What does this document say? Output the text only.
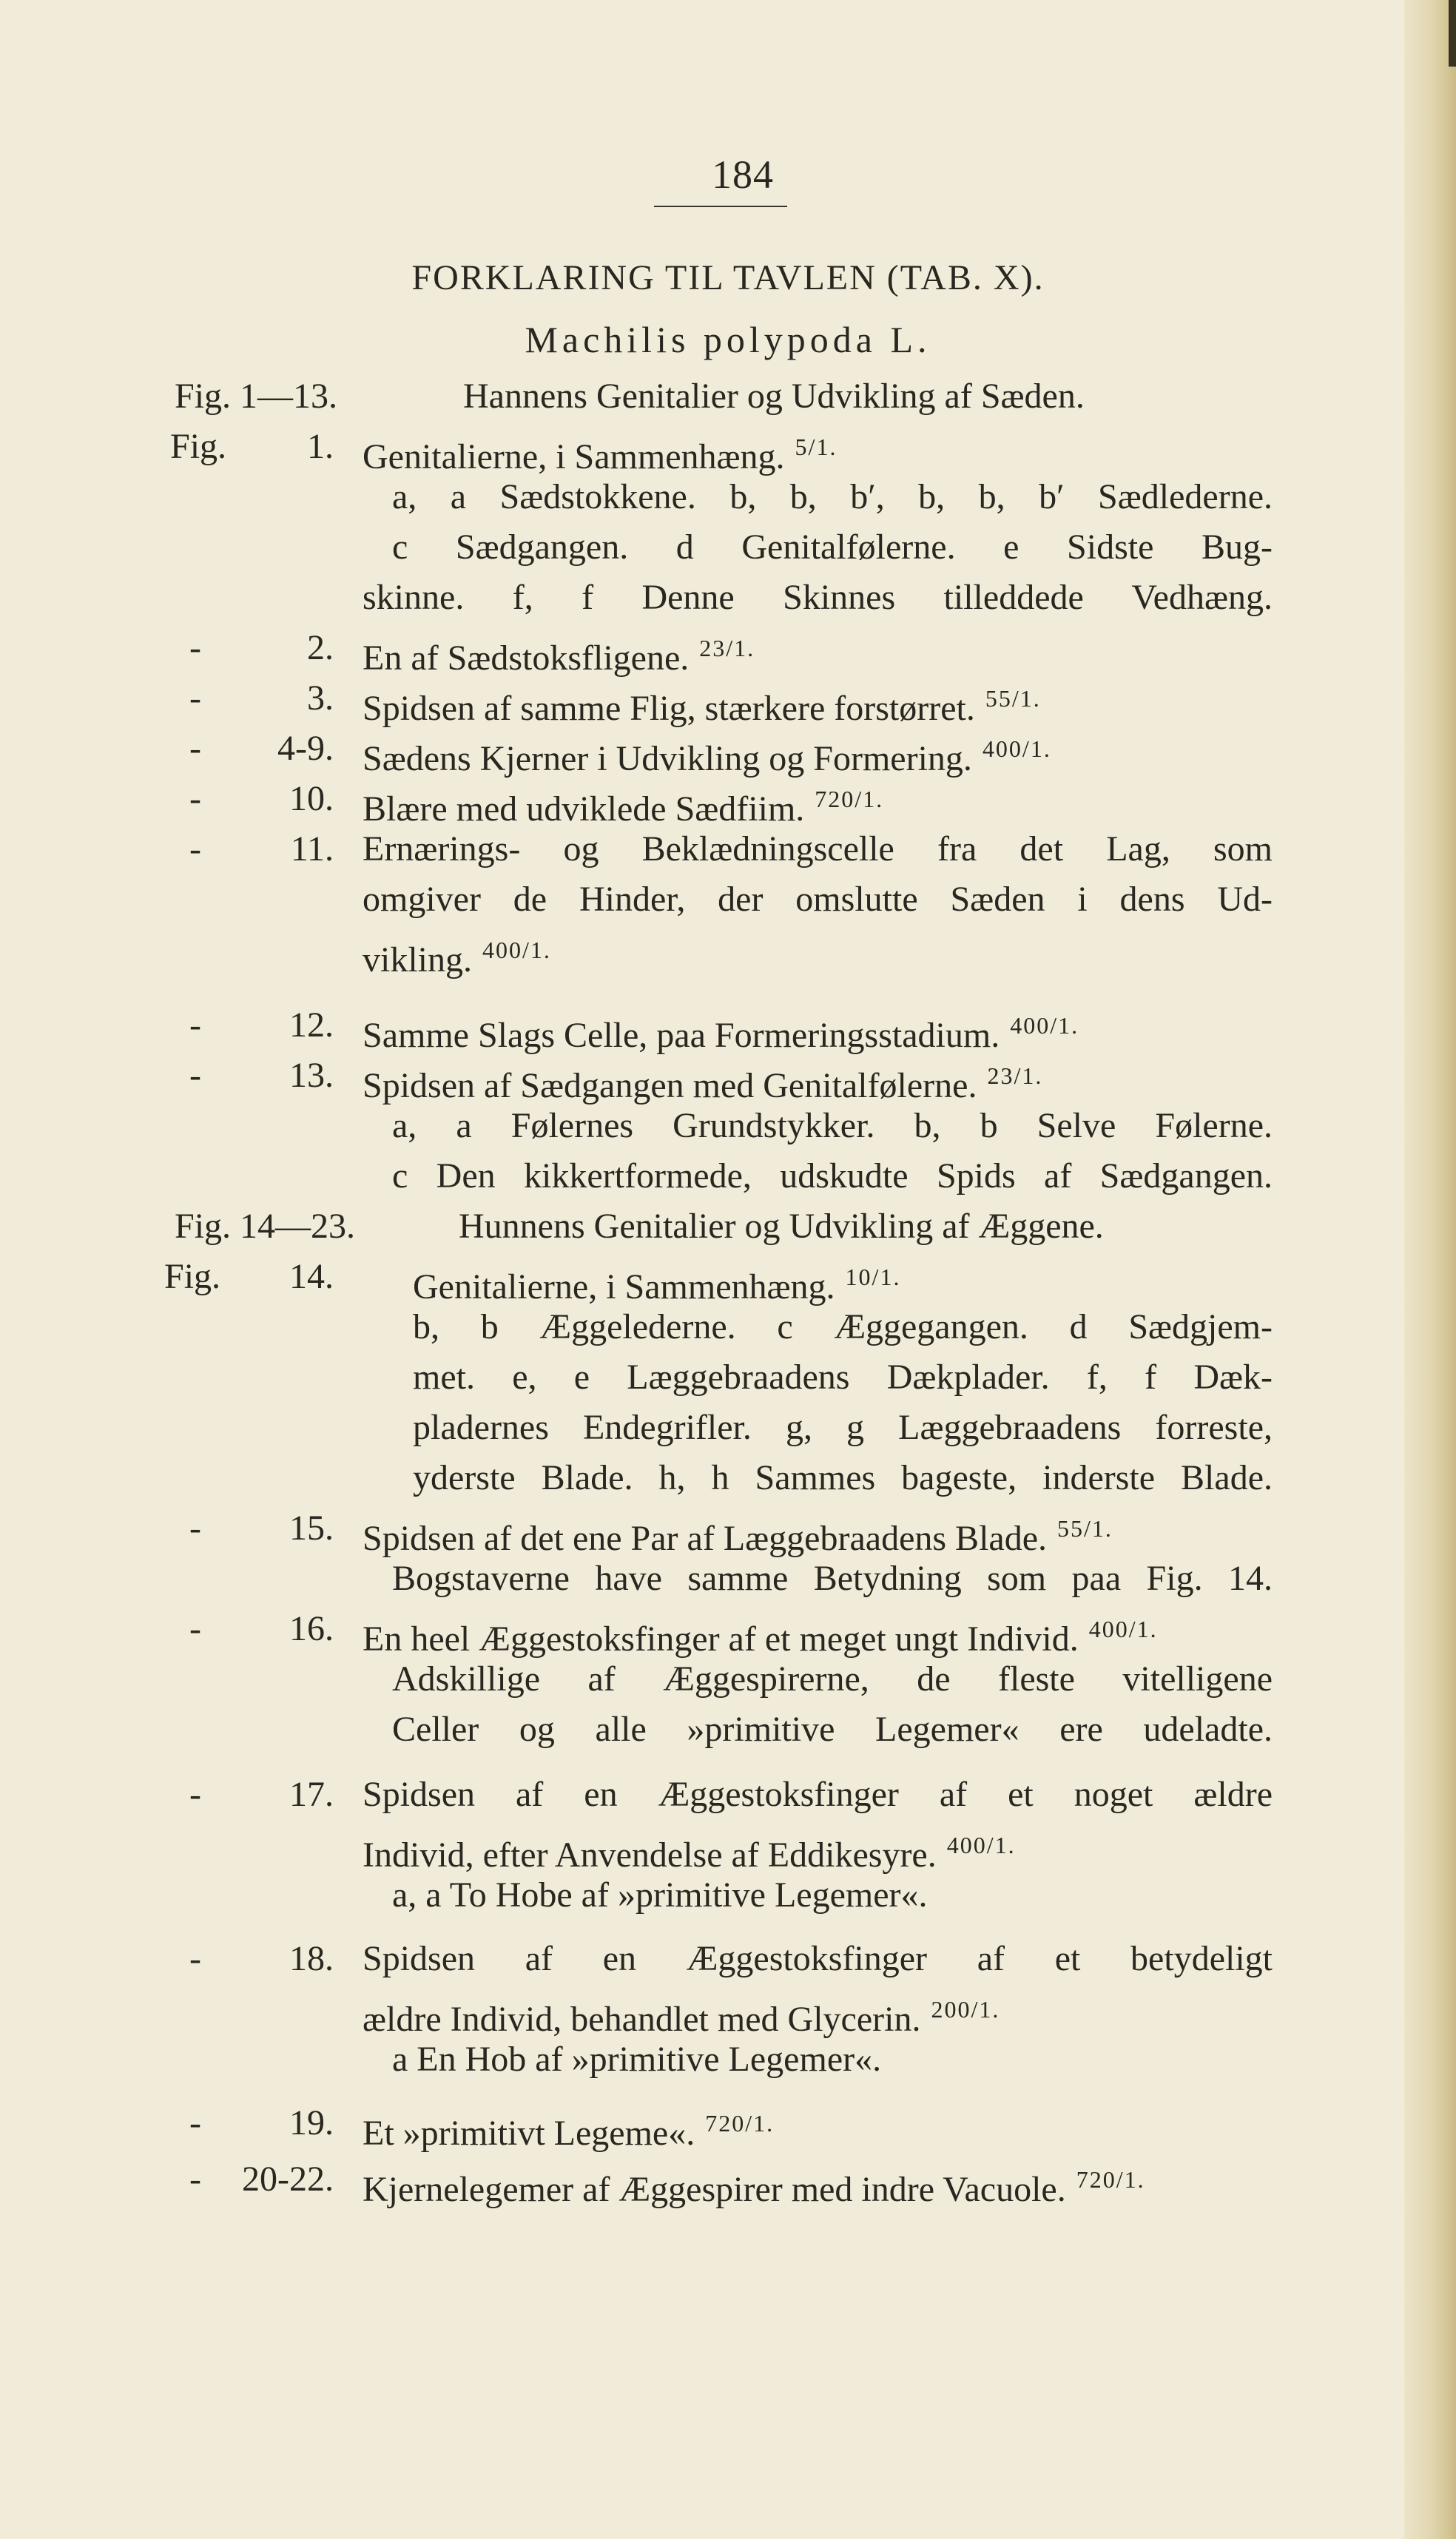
184
FORKLARING TIL TAVLEN (TAB. X).
Machilis polypoda L.
Fig. 1—13.	Hannens Genitalier og Udvikling af Sæden.
Fig.	1. Genitalierne, i Sammenhæng. $^{5/1.}$
a, a Sædstokkene. b, b, b′, b, b, b′ Sædlederne.
c Sædgangen. d Genitalfølerne. e Sidste Bug-
skinne. f, f Denne Skinnes tilleddede Vedhæng.
-	2. En af Sædstoksfligene. $^{23/1.}$
-	3. Spidsen af samme Flig, stærkere forstørret. $^{55/1.}$
-	4-9. Sædens Kjerner i Udvikling og Formering. $^{400/1.}$
-	10. Blære med udviklede Sædfiim. $^{720/1.}$
-	11. Ernærings- og Beklædningscelle fra det Lag, som
omgiver de Hinder, der omslutte Sæden i dens Ud-
vikling. $^{400/1.}$
-	12. Samme Slags Celle, paa Formeringsstadium. $^{400/1.}$
-	13. Spidsen af Sædgangen med Genitalfølerne. $^{23/1.}$
a, a Følernes Grundstykker. b, b Selve Følerne.
c Den kikkertformede, udskudte Spids af Sædgangen.
Fig. 14—23.	Hunnens Genitalier og Udvikling af Æggene.
Fig.	14. Genitalierne, i Sammenhæng. $^{10/1.}$
b, b Æggelederne. c Æggegangen. d Sædgjem-
met. e, e Læggebraadens Dækplader. f, f Dæk-
pladernes Endegrifler. g, g Læggebraadens forreste,
yderste Blade. h, h Sammes bageste, inderste Blade.
-	15. Spidsen af det ene Par af Læggebraadens Blade. $^{55/1.}$
Bogstaverne have samme Betydning som paa Fig. 14.
-	16. En heel Æggestoksfinger af et meget ungt Individ. $^{400/1.}$
Adskillige af Æggespirerne, de fleste vitelligene
Celler og alle »primitive Legemer« ere udeladte.
-	17. Spidsen af en Æggestoksfinger af et noget ældre
Individ, efter Anvendelse af Eddikesyre. $^{400/1.}$
a, a To Hobe af »primitive Legemer«.
-	18. Spidsen af en Æggestoksfinger af et betydeligt
ældre Individ, behandlet med Glycerin. $^{200/1.}$
a En Hob af »primitive Legemer«.
-	19. Et »primitivt Legeme«. $^{720/1.}$
-	20-22. Kjernelegemer af Æggespirer med indre Vacuole. $^{720/1.}$
